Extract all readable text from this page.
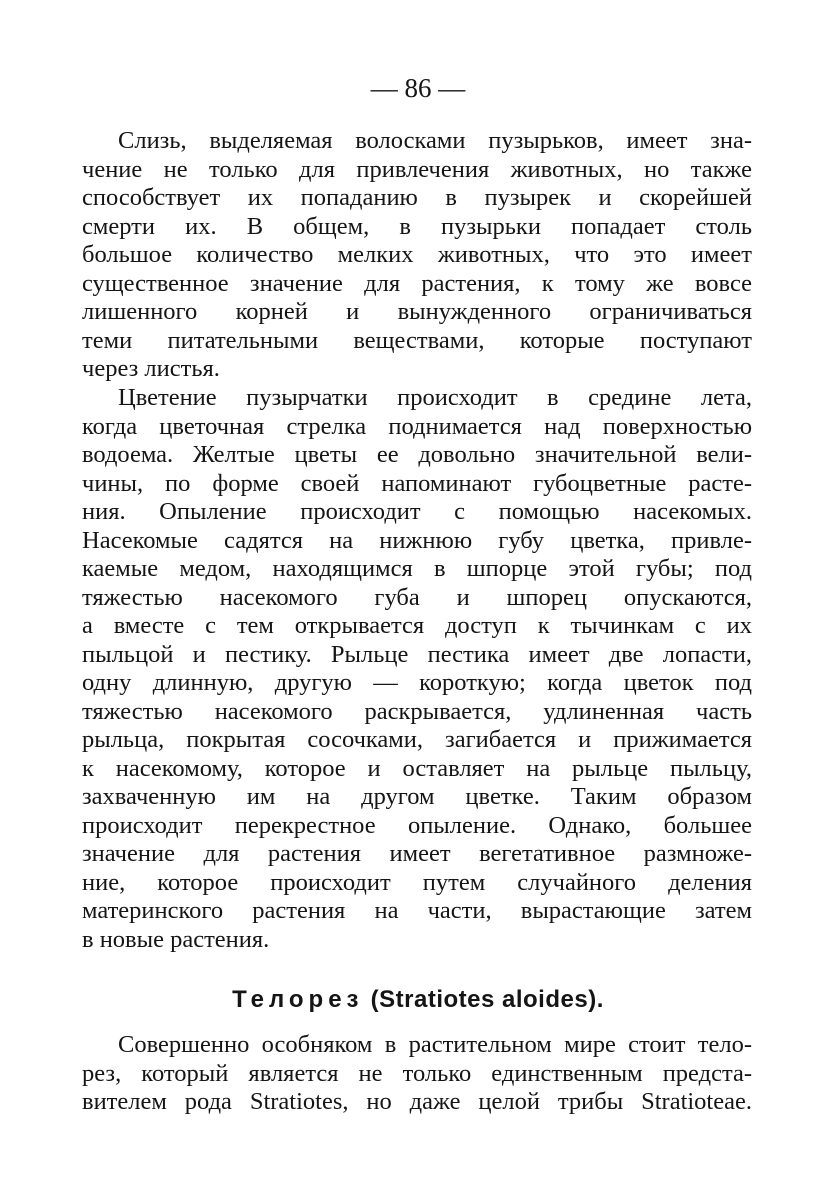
— 86 —
Слизь, выделяемая волосками пузырьков, имеет зна-
чение не только для привлечения животных, но также
способствует их попаданию в пузырек и скорейшей
смерти их. В общем, в пузырьки попадает столь
большое количество мелких животных, что это имеет
существенное значение для растения, к тому же вовсе
лишенного корней и вынужденного ограничиваться
теми питательными веществами, которые поступают
через листья.
Цветение пузырчатки происходит в средине лета,
когда цветочная стрелка поднимается над поверхностью
водоема. Желтые цветы ее довольно значительной вели-
чины, по форме своей напоминают губоцветные расте-
ния. Опыление происходит с помощью насекомых.
Насекомые садятся на нижнюю губу цветка, привле-
каемые медом, находящимся в шпорце этой губы; под
тяжестью насекомого губа и шпорец опускаются,
а вместе с тем открывается доступ к тычинкам с их
пыльцой и пестику. Рыльце пестика имеет две лопасти,
одну длинную, другую — короткую; когда цветок под
тяжестью насекомого раскрывается, удлиненная часть
рыльца, покрытая сосочками, загибается и прижимается
к насекомому, которое и оставляет на рыльце пыльцу,
захваченную им на другом цветке. Таким образом
происходит перекрестное опыление. Однако, большее
значение для растения имеет вегетативное размноже-
ние, которое происходит путем случайного деления
материнского растения на части, вырастающие затем
в новые растения.
Телорез (Stratiotes aloides).
Совершенно особняком в растительном мире стоит тело-
рез, который является не только единственным предста-
вителем рода Stratiotes, но даже целой трибы Stratioteae.
